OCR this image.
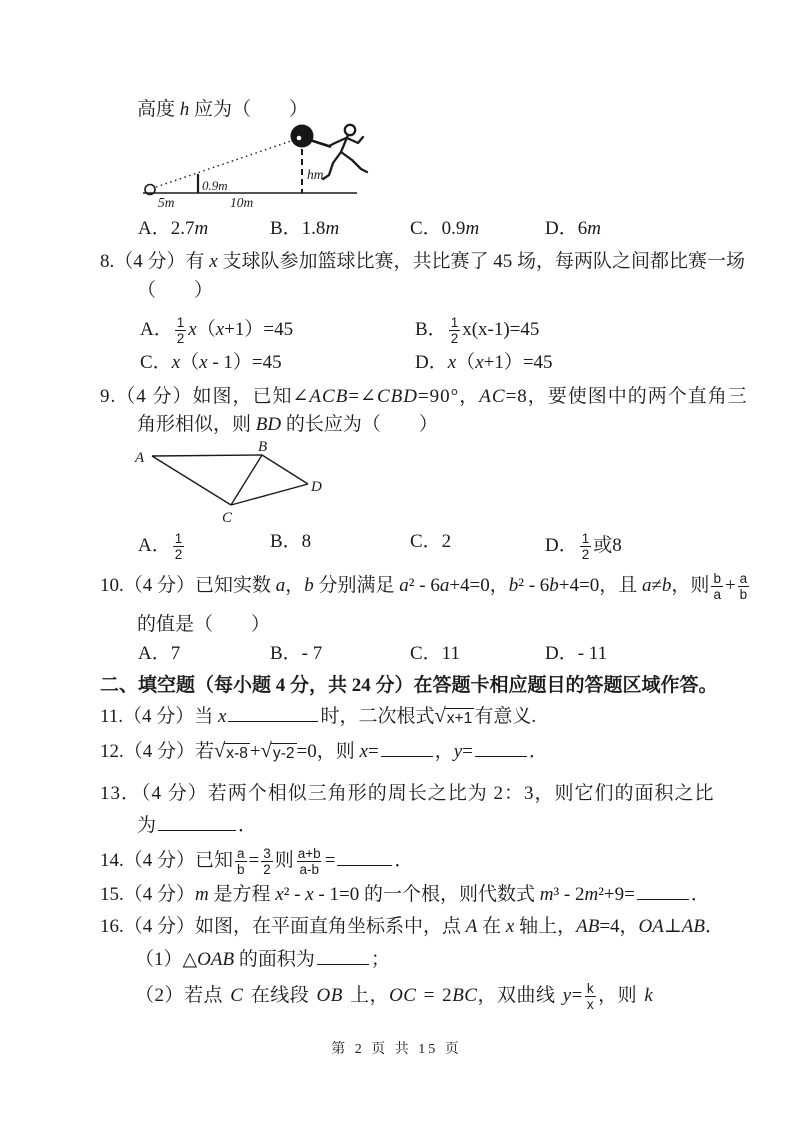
高度 h 应为（　　）
0.9m
hm
5m	10m
A．2.7m	B．1.8m	C．0.9m	D．6m
8.（4 分）有 x 支球队参加篮球比赛，共比赛了 45 场，每两队之间都比赛一场
（　　）
A． $\frac{1}{2} x(x+1)=45$	B． $\frac{1}{2} x(x-1)=45$
C．x（x - 1）=45	D．x（x+1）=45
9.（4 分）如图，已知∠ACB=∠CBD=90°，AC=8，要使图中的两个直角三
角形相似，则 BD 的长应为（　　）
A
B
C
D
A． $\frac{1}{2}$	B．8	C．2	D． $\frac{1}{2}$ 或8
10.（4 分）已知实数 a，b 分别满足 a² - 6a+4=0，b² - 6b+4=0，且 a≠b，则 $\frac{b}{a} + \frac{a}{b}$
的值是（　　）
A．7	B．- 7	C．11	D．- 11
二、填空题（每小题 4 分，共 24 分）在答题卡相应题目的答题区域作答。
11.（4 分）当 x	时，二次根式 √ x+1 有意义.
12.（4 分）若 √ x-8 + √ y-2 =0，则 x=	，y=	．
13．（4 分）若两个相似三角形的周长之比为 2：3，则它们的面积之比
为	．
14.（4 分）已知 $\frac{a}{b} = \frac{3}{2}$ 则 $\frac{a+b}{a-b}$ =	．
15.（4 分）m 是方程 x² - x - 1=0 的一个根，则代数式 m³ - 2m²+9=	．
16.（4 分）如图，在平面直角坐标系中，点 A 在 x 轴上，AB=4，OA⊥AB．
（1）△OAB 的面积为	；
（2）若点 C 在线段 OB 上，OC = 2BC，双曲线 $y= \frac{k}{x}$ ，则 k
第 2 页 共 15 页
